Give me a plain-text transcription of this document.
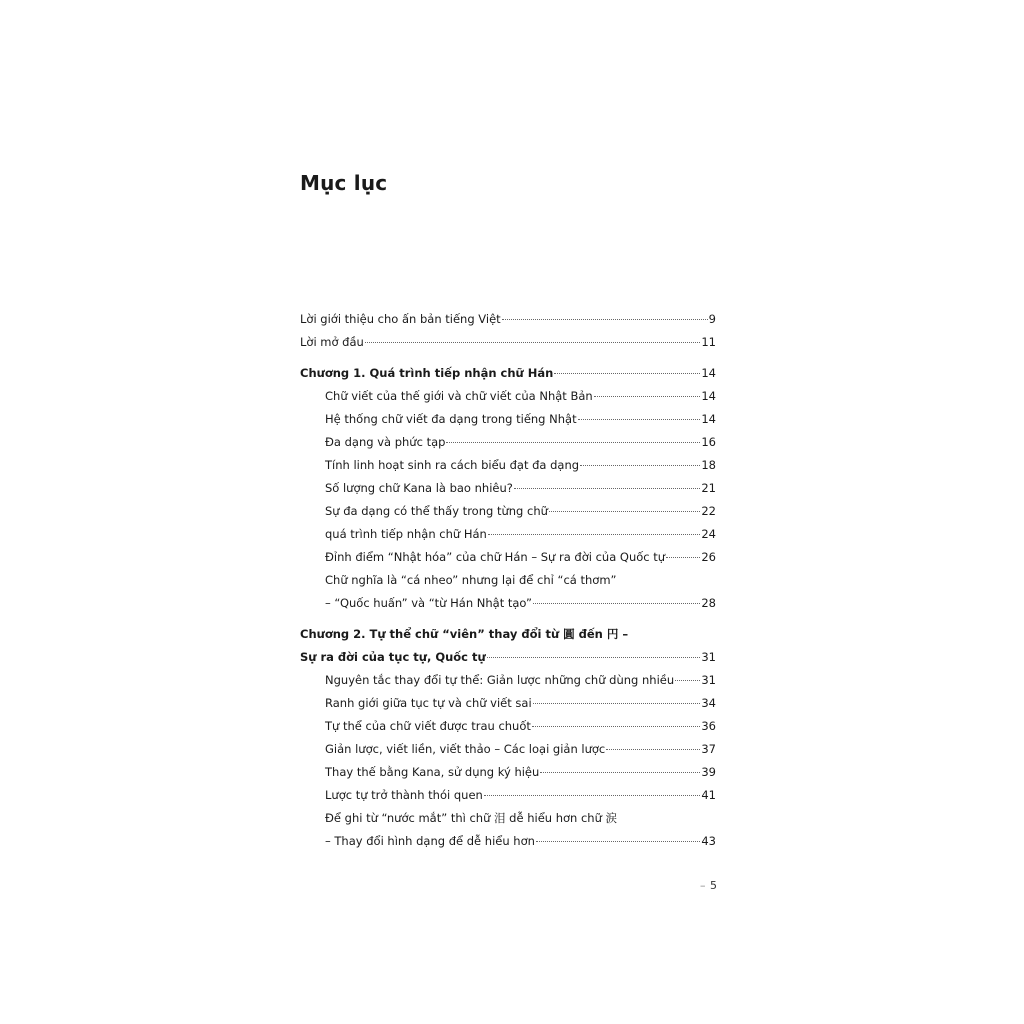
Mục lục
Lời giới thiệu cho ấn bản tiếng Việt	9
Lời mở đầu	11
Chương 1. Quá trình tiếp nhận chữ Hán	14
Chữ viết của thế giới và chữ viết của Nhật Bản	14
Hệ thống chữ viết đa dạng trong tiếng Nhật	14
Đa dạng và phức tạp	16
Tính linh hoạt sinh ra cách biểu đạt đa dạng	18
Số lượng chữ Kana là bao nhiêu?	21
Sự đa dạng có thể thấy trong từng chữ	22
quá trình tiếp nhận chữ Hán	24
Đỉnh điểm “Nhật hóa” của chữ Hán – Sự ra đời của Quốc tự	26
Chữ nghĩa là “cá nheo” nhưng lại để chỉ “cá thơm”
– “Quốc huấn” và “từ Hán Nhật tạo”	28
Chương 2. Tự thể chữ “viên” thay đổi từ 圓 đến 円 –
Sự ra đời của tục tự, Quốc tự	31
Nguyên tắc thay đổi tự thể: Giản lược những chữ dùng nhiều 31
Ranh giới giữa tục tự và chữ viết sai	34
Tự thể của chữ viết được trau chuốt	36
Giản lược, viết liền, viết thảo – Các loại giản lược	37
Thay thế bằng Kana, sử dụng ký hiệu	39
Lược tự trở thành thói quen	41
Để ghi từ “nước mắt” thì chữ 泪 dễ hiểu hơn chữ 涙
– Thay đổi hình dạng để dễ hiểu hơn	43
– 5
